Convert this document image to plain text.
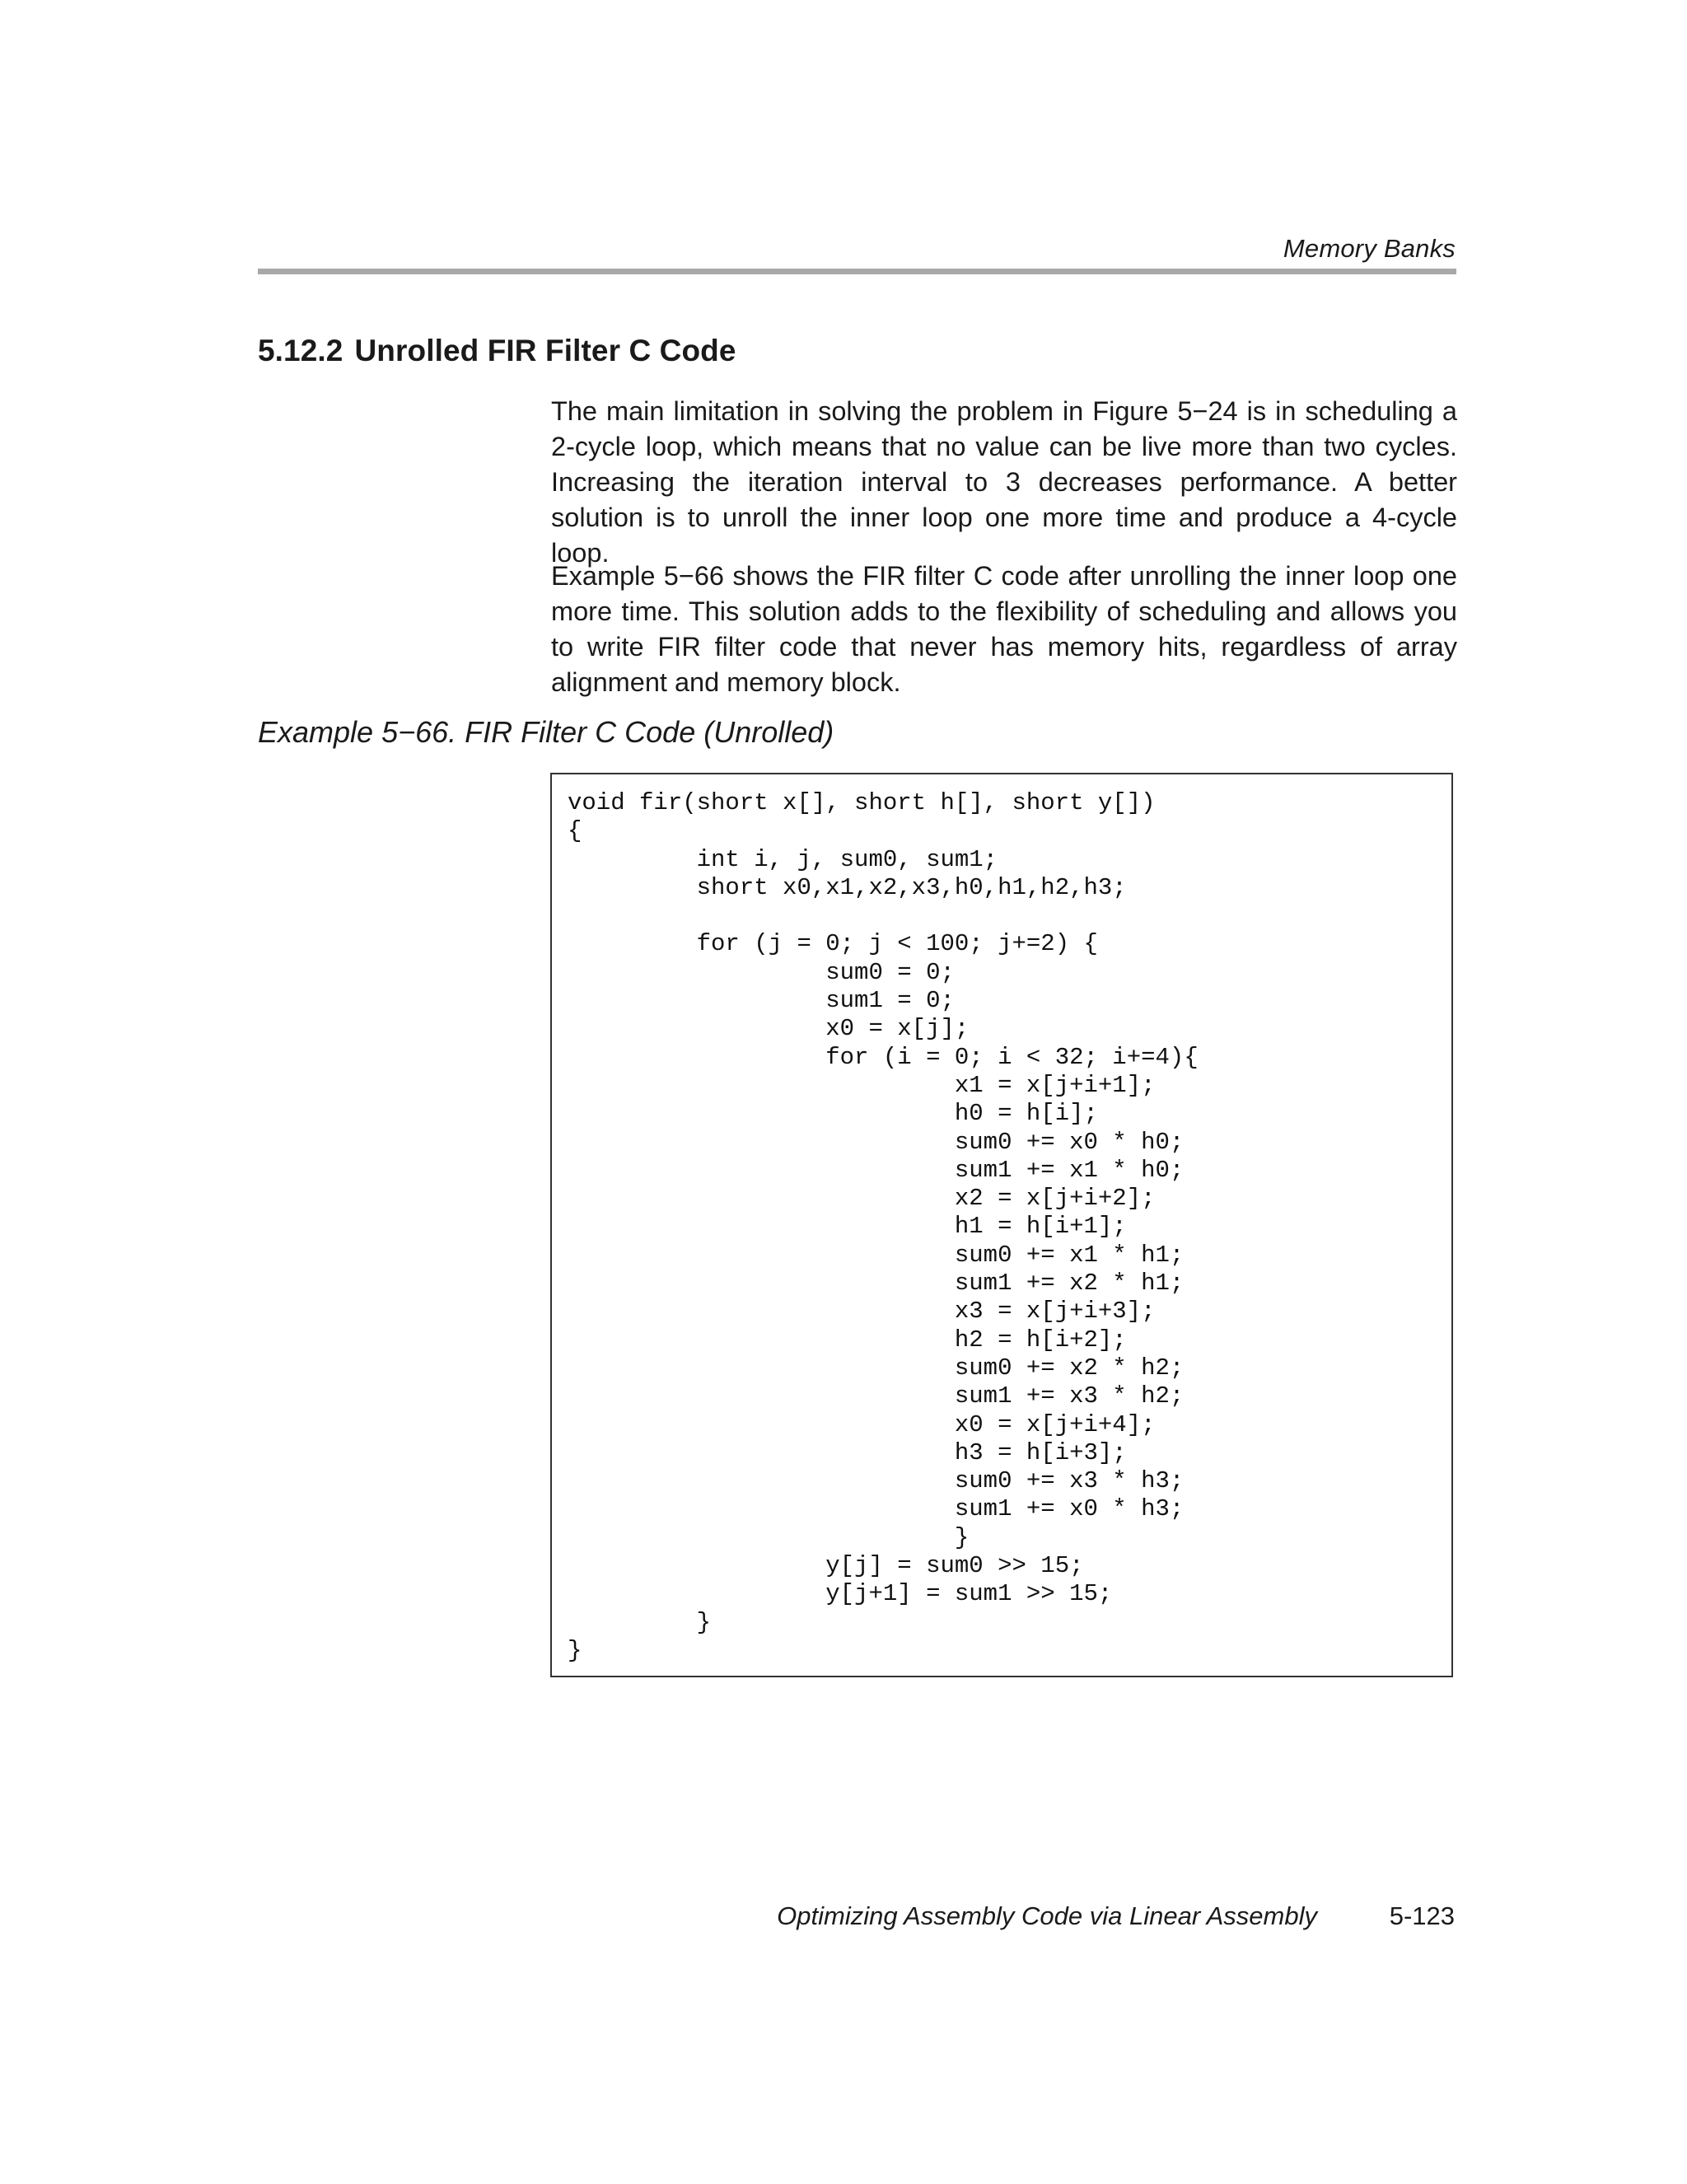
Memory Banks
5.12.2 Unrolled FIR Filter C Code

The main limitation in solving the problem in Figure 5−24 is in scheduling a 2-cycle loop, which means that no value can be live more than two cycles. Increasing the iteration interval to 3 decreases performance. A better solution is to unroll the inner loop one more time and produce a 4-cycle loop.

Example 5−66 shows the FIR filter C code after unrolling the inner loop one more time. This solution adds to the flexibility of scheduling and allows you to write FIR filter code that never has memory hits, regardless of array alignment and memory block.

Example 5−66. FIR Filter C Code (Unrolled)
void fir(short x[], short h[], short y[])
{
int i, j, sum0, sum1;
short x0,x1,x2,x3,h0,h1,h2,h3;

for (j = 0; j < 100; j+=2) {
sum0 = 0;
sum1 = 0;
x0 = x[j];
for (i = 0; i < 32; i+=4){
x1 = x[j+i+1];
h0 = h[i];
sum0 += x0 * h0;
sum1 += x1 * h0;
x2 = x[j+i+2];
h1 = h[i+1];
sum0 += x1 * h1;
sum1 += x2 * h1;
x3 = x[j+i+3];
h2 = h[i+2];
sum0 += x2 * h2;
sum1 += x3 * h2;
x0 = x[j+i+4];
h3 = h[i+3];
sum0 += x3 * h3;
sum1 += x0 * h3;
}
y[j] = sum0 >> 15;
y[j+1] = sum1 >> 15;
}
}
Optimizing Assembly Code via Linear Assembly	5-123
